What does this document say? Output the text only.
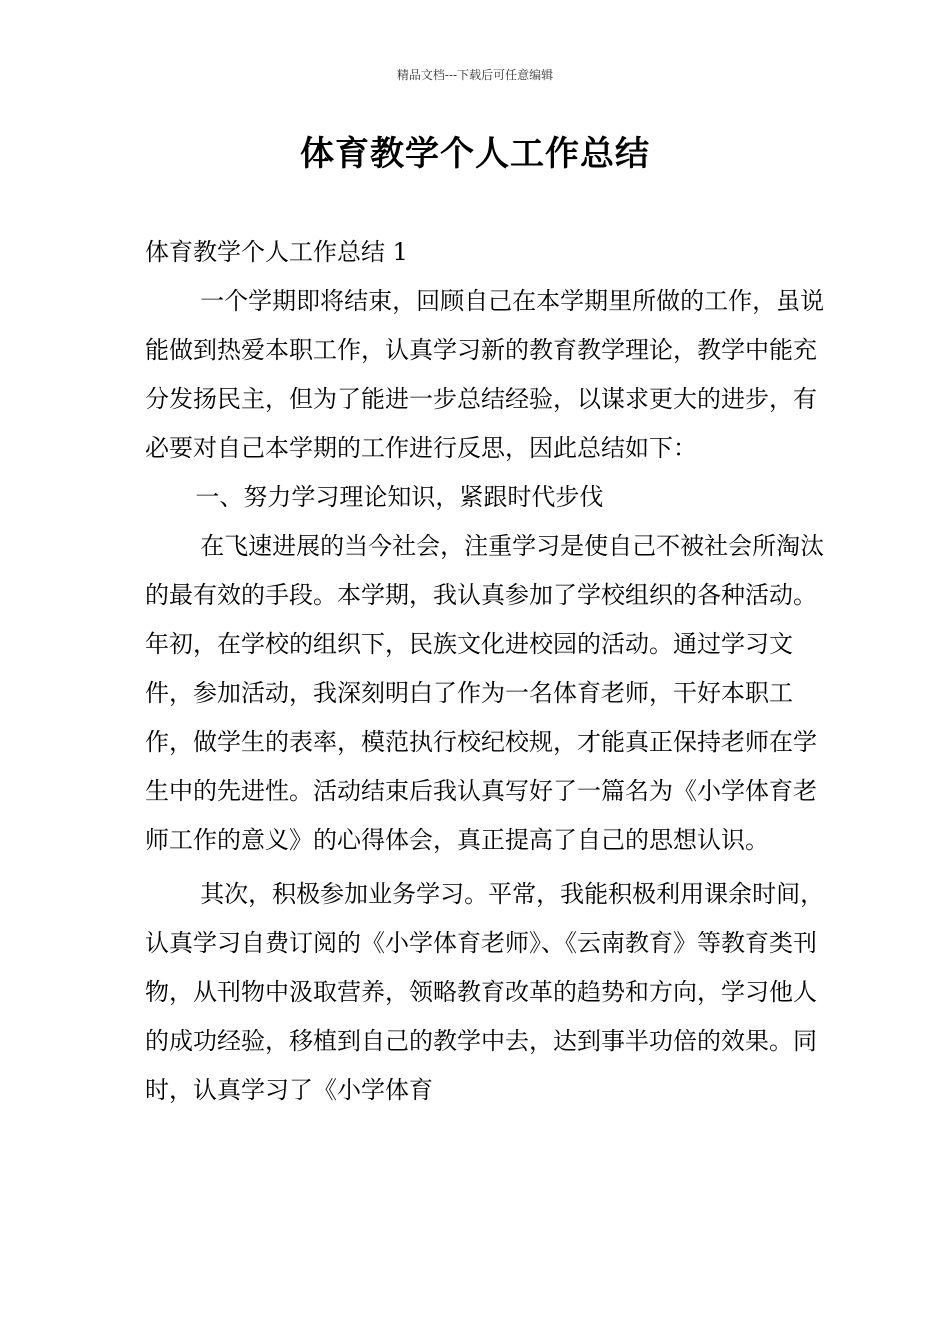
精品文档---下载后可任意编辑
体育教学个人工作总结

体育教学个人工作总结 1

一个学期即将结束，回顾自己在本学期里所做的工作，虽说能做到热爱本职工作，认真学习新的教育教学理论，教学中能充分发扬民主，但为了能进一步总结经验，以谋求更大的进步，有必要对自己本学期的工作进行反思，因此总结如下：

一、努力学习理论知识，紧跟时代步伐

在飞速进展的当今社会，注重学习是使自己不被社会所淘汰的最有效的手段。本学期，我认真参加了学校组织的各种活动。年初，在学校的组织下，民族文化进校园的活动。通过学习文件，参加活动，我深刻明白了作为一名体育老师，干好本职工作，做学生的表率，模范执行校纪校规，才能真正保持老师在学生中的先进性。活动结束后我认真写好了一篇名为《小学体育老师工作的意义》的心得体会，真正提高了自己的思想认识。

其次，积极参加业务学习。平常，我能积极利用课余时间，认真学习自费订阅的《小学体育老师》、《云南教育》等教育类刊物，从刊物中汲取营养，领略教育改革的趋势和方向，学习他人的成功经验，移植到自己的教学中去，达到事半功倍的效果。同时，认真学习了《小学体育
